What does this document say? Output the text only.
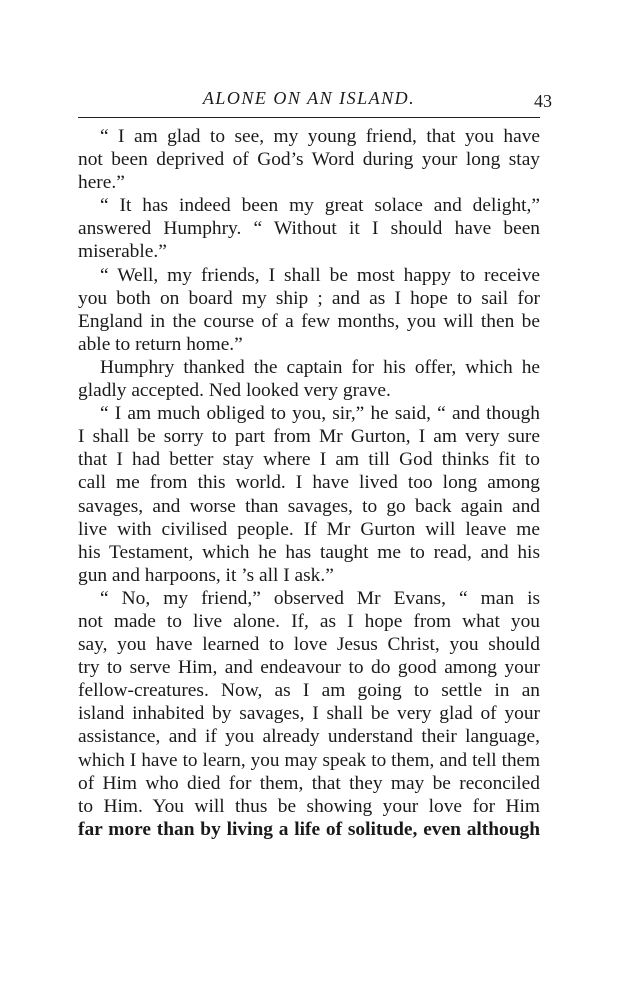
ALONE ON AN ISLAND.	43
“ I am glad to see, my young friend, that you have
not been deprived of God’s Word during your long stay
here.”
“ It has indeed been my great solace and delight,”
answered Humphry. “ Without it I should have been
miserable.”
“ Well, my friends, I shall be most happy to receive
you both on board my ship ; and as I hope to sail for
England in the course of a few months, you will then be
able to return home.”
Humphry thanked the captain for his offer, which he
gladly accepted. Ned looked very grave.
“ I am much obliged to you, sir,” he said, “ and though
I shall be sorry to part from Mr Gurton, I am very sure
that I had better stay where I am till God thinks fit to
call me from this world. I have lived too long among
savages, and worse than savages, to go back again and
live with civilised people. If Mr Gurton will leave me
his Testament, which he has taught me to read, and his
gun and harpoons, it ’s all I ask.”
“ No, my friend,” observed Mr Evans, “ man is
not made to live alone. If, as I hope from what you
say, you have learned to love Jesus Christ, you should
try to serve Him, and endeavour to do good among your
fellow-creatures. Now, as I am going to settle in an
island inhabited by savages, I shall be very glad of your
assistance, and if you already understand their language,
which I have to learn, you may speak to them, and tell them
of Him who died for them, that they may be reconciled
to Him. You will thus be showing your love for Him
far more than by living a life of solitude, even although
